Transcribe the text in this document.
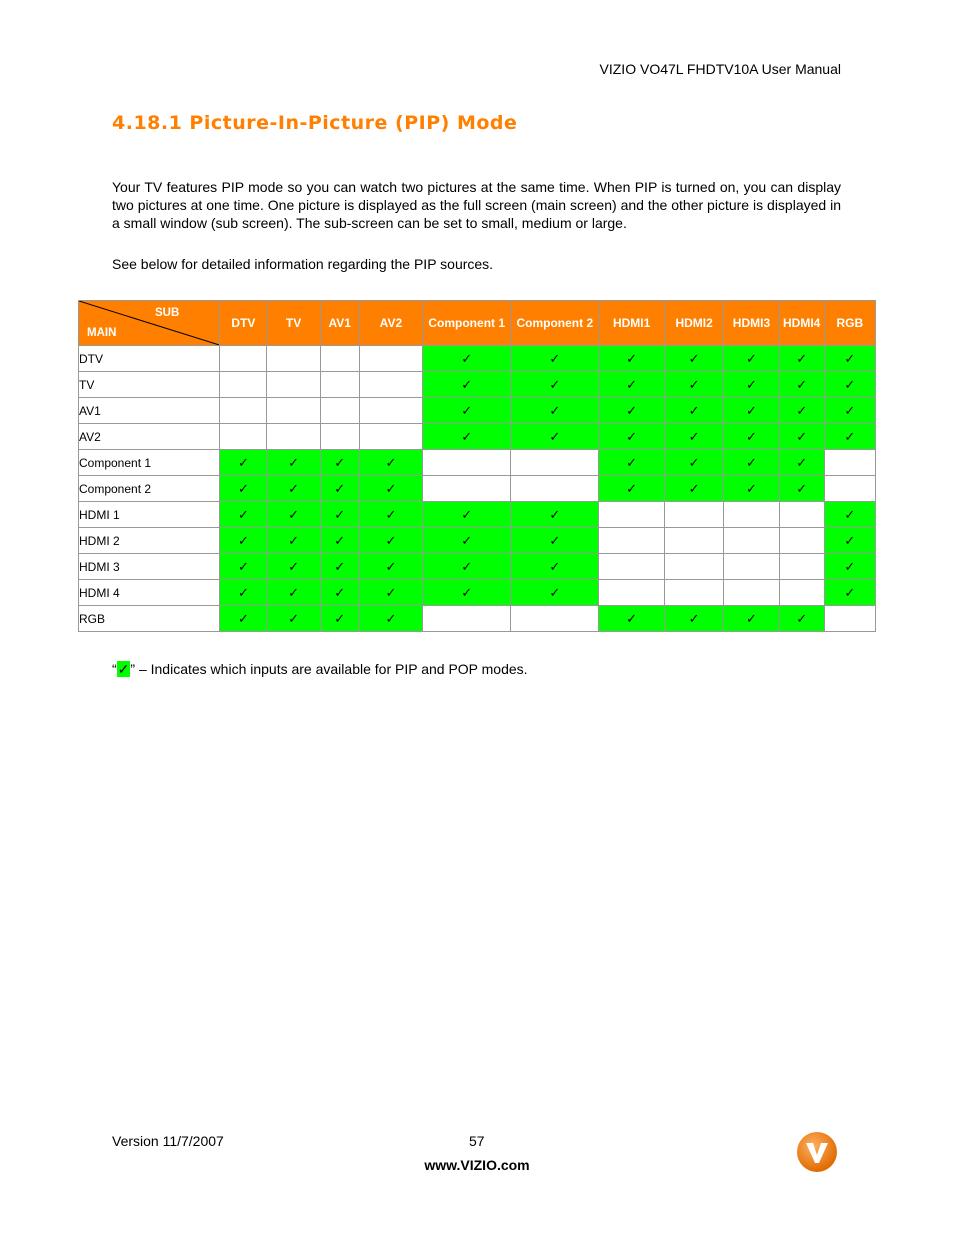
VIZIO VO47L FHDTV10A User Manual
4.18.1 Picture-In-Picture (PIP) Mode

Your TV features PIP mode so you can watch two pictures at the same time. When PIP is turned on, you can display two pictures at one time. One picture is displayed as the full screen (main screen) and the other picture is displayed in a small window (sub screen). The sub-screen can be set to small, medium or large.

See below for detailed information regarding the PIP sources.

SUB
MAIN	DTV	TV	AV1	AV2	Component 1	Component 2	HDMI1	HDMI2	HDMI3	HDMI4	RGB
DTV					✓	✓	✓	✓	✓	✓	✓
TV					✓	✓	✓	✓	✓	✓	✓
AV1					✓	✓	✓	✓	✓	✓	✓
AV2					✓	✓	✓	✓	✓	✓	✓
Component 1	✓	✓	✓	✓			✓	✓	✓	✓	
Component 2	✓	✓	✓	✓			✓	✓	✓	✓	
HDMI 1	✓	✓	✓	✓	✓	✓					✓
HDMI 2	✓	✓	✓	✓	✓	✓					✓
HDMI 3	✓	✓	✓	✓	✓	✓					✓
HDMI 4	✓	✓	✓	✓	✓	✓					✓
RGB	✓	✓	✓	✓			✓	✓	✓	✓	
“✓” – Indicates which inputs are available for PIP and POP modes.
Version 11/7/2007	57
www.VIZIO.com
